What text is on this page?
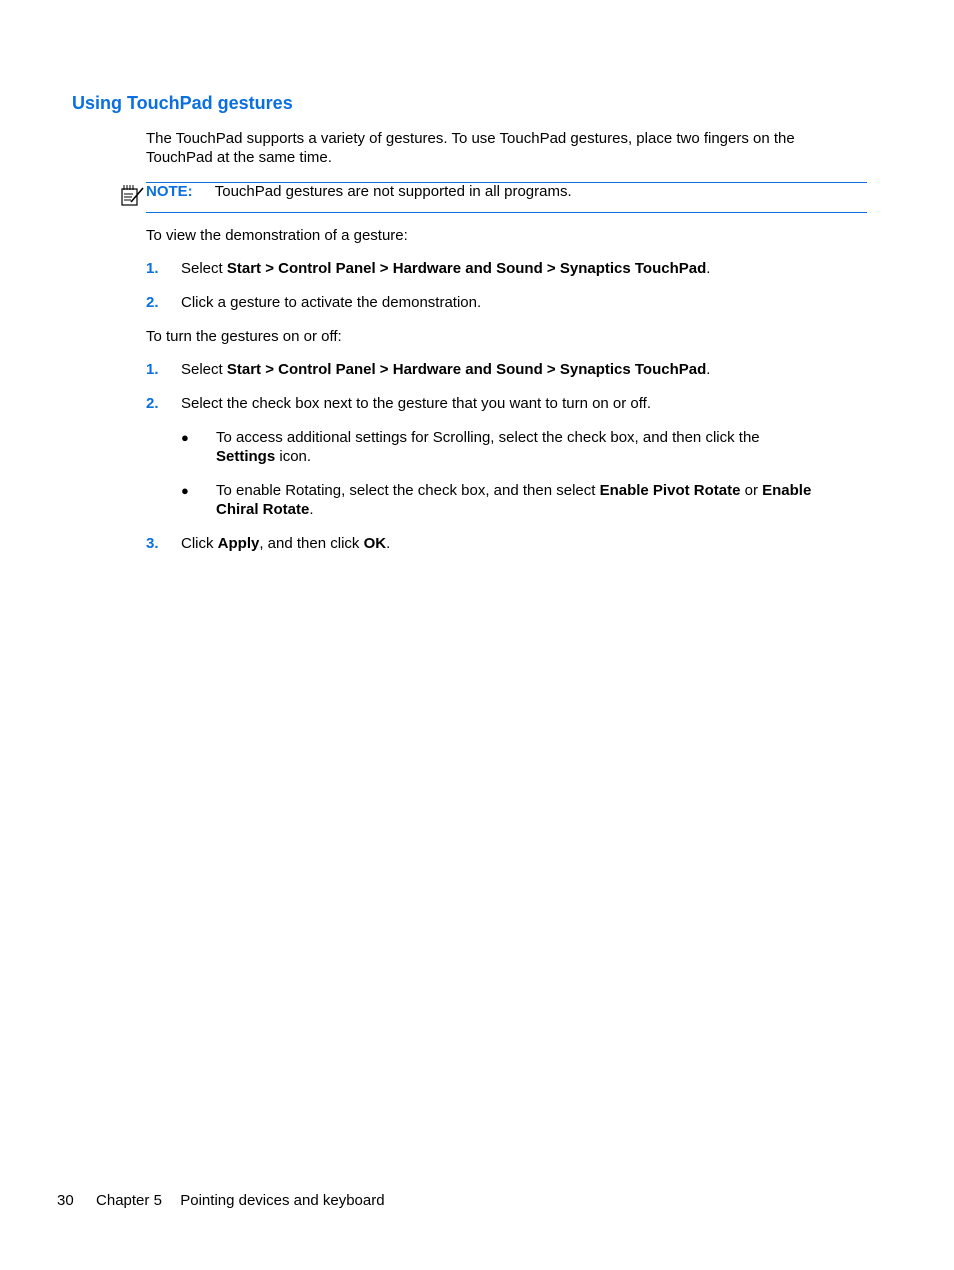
Using TouchPad gestures
The TouchPad supports a variety of gestures. To use TouchPad gestures, place two fingers on the
TouchPad at the same time.
NOTE: TouchPad gestures are not supported in all programs.
To view the demonstration of a gesture:
1. Select Start > Control Panel > Hardware and Sound > Synaptics TouchPad.
2. Click a gesture to activate the demonstration.
To turn the gestures on or off:
1. Select Start > Control Panel > Hardware and Sound > Synaptics TouchPad.
2. Select the check box next to the gesture that you want to turn on or off.
● To access additional settings for Scrolling, select the check box, and then click the
Settings icon.
● To enable Rotating, select the check box, and then select Enable Pivot Rotate or Enable
Chiral Rotate.
3. Click Apply, and then click OK.
30 Chapter 5 Pointing devices and keyboard
